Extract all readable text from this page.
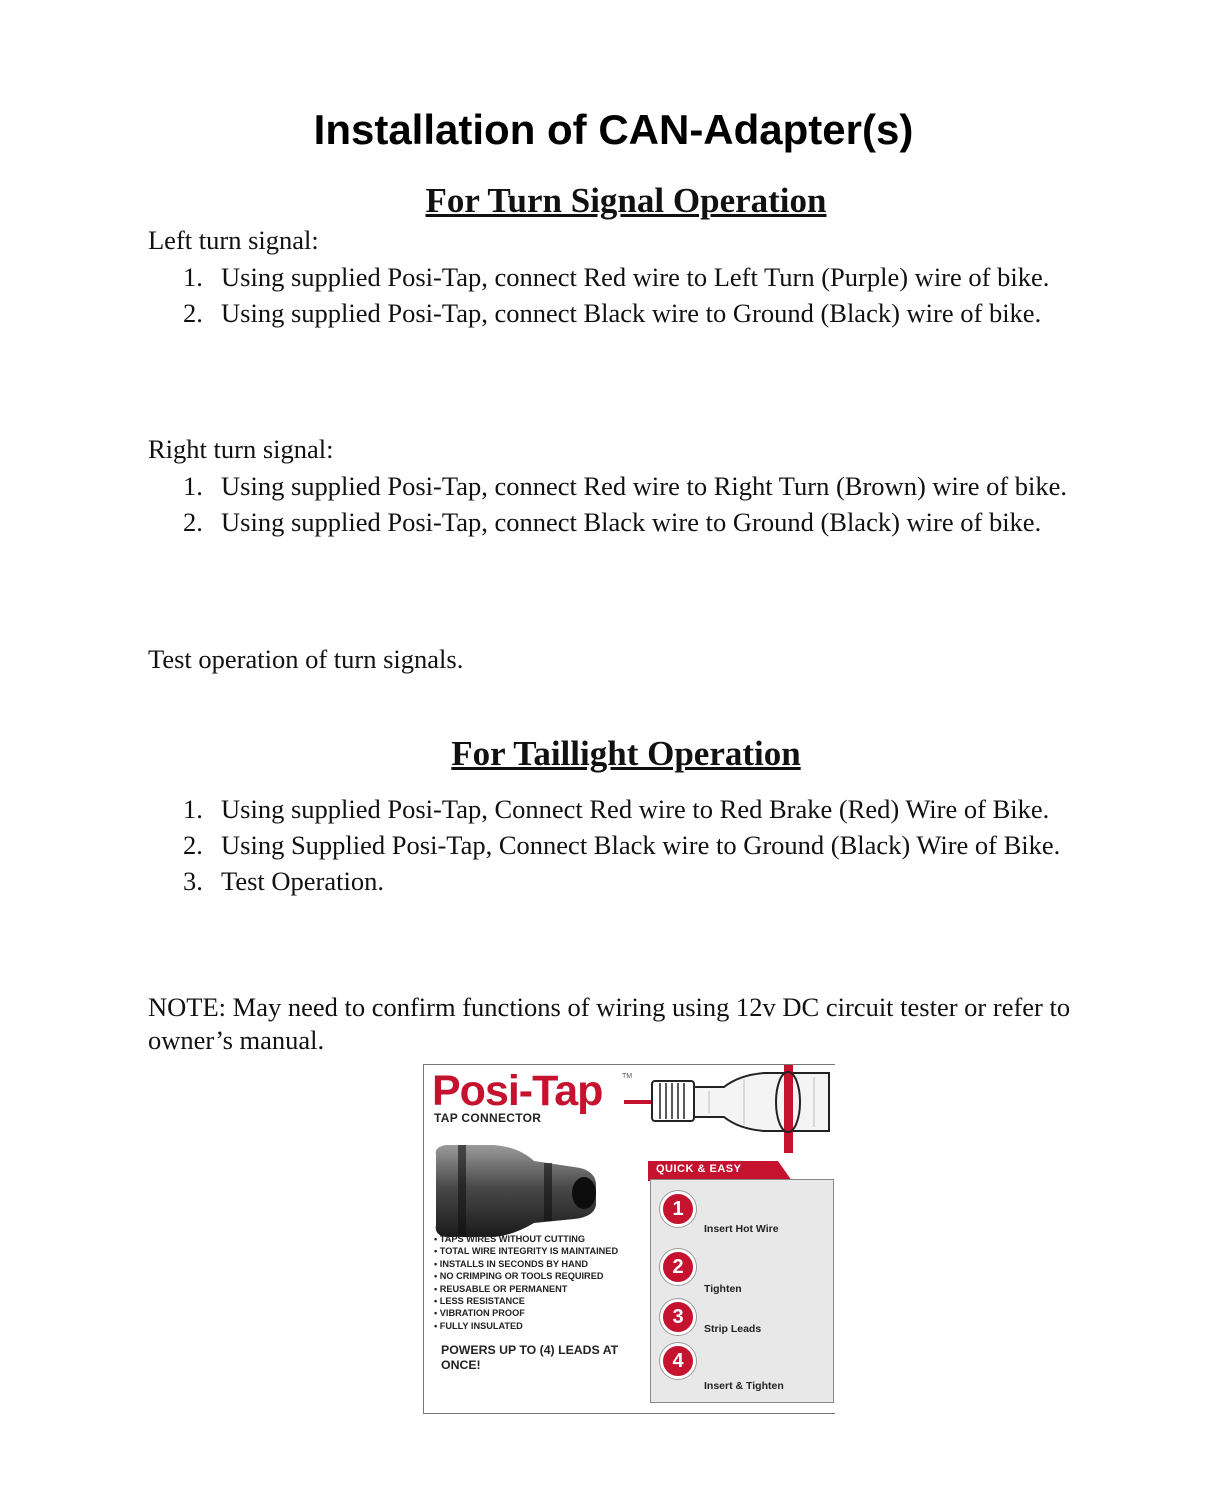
Installation of CAN-Adapter(s)
For Turn Signal Operation

Left turn signal:

1. Using supplied Posi-Tap, connect Red wire to Left Turn (Purple) wire of bike.
2. Using supplied Posi-Tap, connect Black wire to Ground (Black) wire of bike.

Right turn signal:

1. Using supplied Posi-Tap, connect Red wire to Right Turn (Brown) wire of bike.
2. Using supplied Posi-Tap, connect Black wire to Ground (Black) wire of bike.

Test operation of turn signals.

For Taillight Operation
1. Using supplied Posi-Tap, Connect Red wire to Red Brake (Red) Wire of Bike.
2. Using Supplied Posi-Tap, Connect Black wire to Ground (Black) Wire of Bike.
3. Test Operation.

NOTE: May need to confirm functions of wiring using 12v DC circuit tester or refer to owner’s manual.

Posi-Tap	TM
TAP CONNECTOR
• TAPS WIRES WITHOUT CUTTING
• TOTAL WIRE INTEGRITY IS MAINTAINED
• INSTALLS IN SECONDS BY HAND
• NO CRIMPING OR TOOLS REQUIRED
• REUSABLE OR PERMANENT
• LESS RESISTANCE
• VIBRATION PROOF
• FULLY INSULATED
POWERS UP TO (4) LEADS AT ONCE!
QUICK & EASY
1
Insert Hot Wire
2
Tighten
3
Strip Leads
4
Insert & Tighten
